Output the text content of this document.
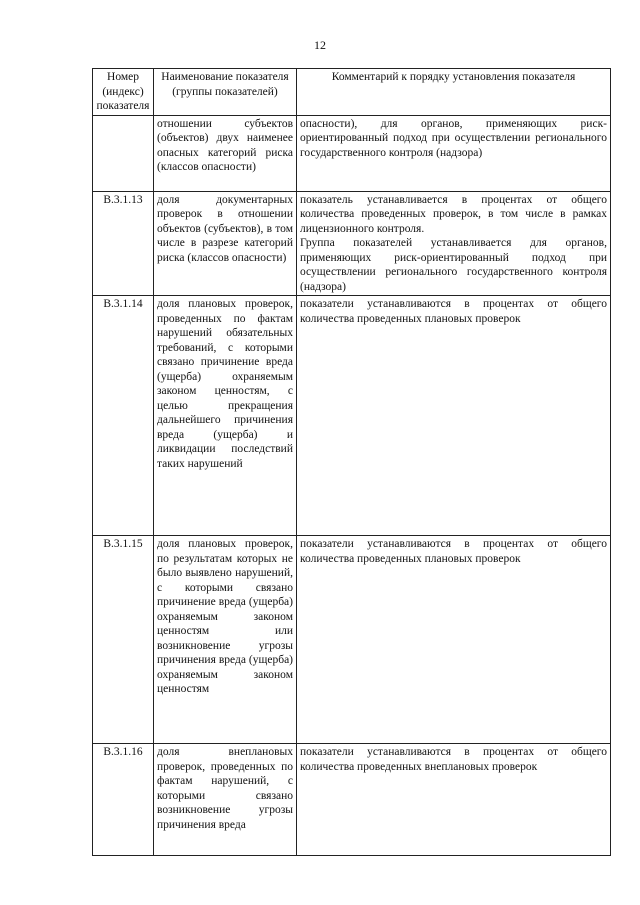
12
Номер (индекс) показателя	Наименование показателя (группы показателей)	Комментарий к порядку установления показателя
	отношении субъектов (объектов) двух наименее опасных категорий риска (классов опасности)	опасности), для органов, применяющих риск-ориентированный подход при осуществлении регионального государственного контроля (надзора)

В.3.1.13	доля документарных проверок в отношении объектов (субъектов), в том числе в разрезе категорий риска (классов опасности)	показатель устанавливается в процентах от общего количества проведенных проверок, в том числе в рамках лицензионного контроля.
Группа показателей устанавливается для органов, применяющих риск-ориентированный подход при осуществлении регионального государственного контроля (надзора)

В.3.1.14	доля плановых проверок, проведенных по фактам нарушений обязательных требований, с которыми связано причинение вреда (ущерба) охраняемым законом ценностям, с целью прекращения дальнейшего причинения вреда (ущерба) и ликвидации последствий таких нарушений	показатели устанавливаются в процентах от общего количества проведенных плановых проверок

В.3.1.15	доля плановых проверок, по результатам которых не было выявлено нарушений, с которыми связано причинение вреда (ущерба) охраняемым законом ценностям или возникновение угрозы причинения вреда (ущерба) охраняемым законом ценностям	показатели устанавливаются в процентах от общего количества проведенных плановых проверок

В.3.1.16	доля внеплановых проверок, проведенных по фактам нарушений, с которыми связано возникновение угрозы причинения вреда	показатели устанавливаются в процентах от общего количества проведенных внеплановых проверок
